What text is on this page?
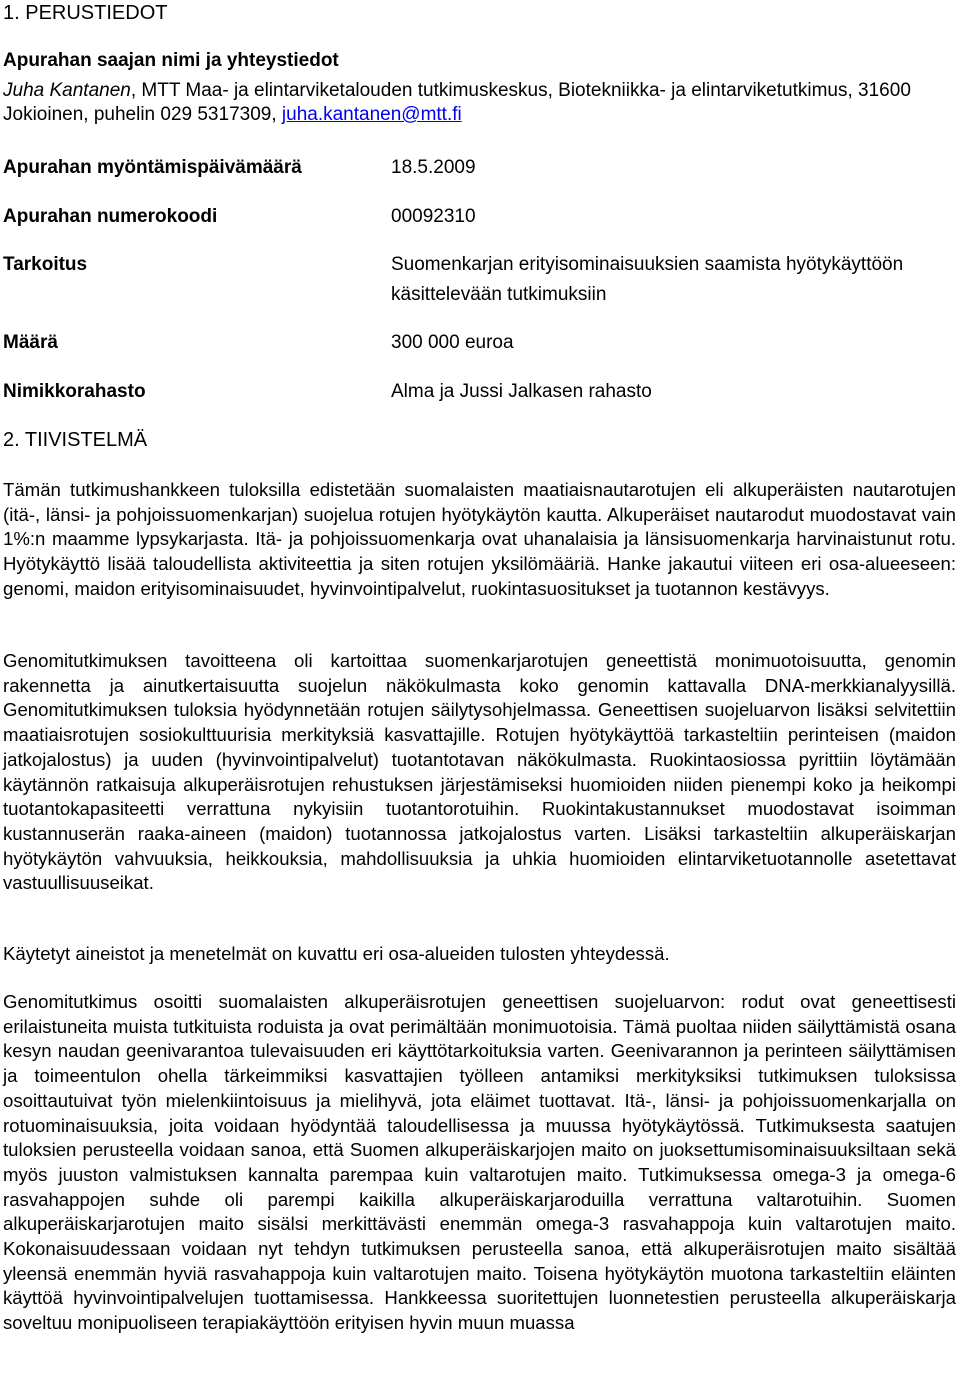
1. PERUSTIEDOT
Apurahan saajan nimi ja yhteystiedot
Juha Kantanen, MTT Maa- ja elintarviketalouden tutkimuskeskus, Biotekniikka- ja elintarviketutkimus, 31600 Jokioinen, puhelin 029 5317309, juha.kantanen@mtt.fi
Apurahan myöntämispäivämäärä	18.5.2009
Apurahan numerokoodi	00092310
Tarkoitus	Suomenkarjan erityisominaisuuksien saamista hyötykäyttöön käsittelevään tutkimuksiin
Määrä	300 000 euroa
Nimikkorahasto	Alma ja Jussi Jalkasen rahasto
2. TIIVISTELMÄ

Tämän tutkimushankkeen tuloksilla edistetään suomalaisten maatiaisnautarotujen eli alkuperäisten nautarotujen (itä-, länsi- ja pohjoissuomenkarjan) suojelua rotujen hyötykäytön kautta. Alkuperäiset nautarodut muodostavat vain 1%:n maamme lypsykarjasta. Itä- ja pohjoissuomenkarja ovat uhanalaisia ja länsisuomenkarja harvinaistunut rotu. Hyötykäyttö lisää taloudellista aktiviteettia ja siten rotujen yksilömääriä. Hanke jakautui viiteen eri osa-alueeseen: genomi, maidon erityisominaisuudet, hyvinvointipalvelut, ruokintasuositukset ja tuotannon kestävyys.

Genomitutkimuksen tavoitteena oli kartoittaa suomenkarjarotujen geneettistä monimuotoisuutta, genomin rakennetta ja ainutkertaisuutta suojelun näkökulmasta koko genomin kattavalla DNA-merkkianalyysillä. Genomitutkimuksen tuloksia hyödynnetään rotujen säilytysohjelmassa. Geneettisen suojeluarvon lisäksi selvitettiin maatiaisrotujen sosiokulttuurisia merkityksiä kasvattajille. Rotujen hyötykäyttöä tarkasteltiin perinteisen (maidon jatkojalostus) ja uuden (hyvinvointipalvelut) tuotantotavan näkökulmasta. Ruokintaosiossa pyrittiin löytämään käytännön ratkaisuja alkuperäisrotujen rehustuksen järjestämiseksi huomioiden niiden pienempi koko ja heikompi tuotantokapasiteetti verrattuna nykyisiin tuotantorotuihin. Ruokintakustannukset muodostavat isoimman kustannuserän raaka-aineen (maidon) tuotannossa jatkojalostus varten. Lisäksi tarkasteltiin alkuperäiskarjan hyötykäytön vahvuuksia, heikkouksia, mahdollisuuksia ja uhkia huomioiden elintarviketuotannolle asetettavat vastuullisuuseikat.

Käytetyt aineistot ja menetelmät on kuvattu eri osa-alueiden tulosten yhteydessä.

Genomitutkimus osoitti suomalaisten alkuperäisrotujen geneettisen suojeluarvon: rodut ovat geneettisesti erilaistuneita muista tutkituista roduista ja ovat perimältään monimuotoisia. Tämä puoltaa niiden säilyttämistä osana kesyn naudan geenivarantoa tulevaisuuden eri käyttötarkoituksia varten. Geenivarannon ja perinteen säilyttämisen ja toimeentulon ohella tärkeimmiksi kasvattajien työlleen antamiksi merkityksiksi tutkimuksen tuloksissa osoittautuivat työn mielenkiintoisuus ja mielihyvä, jota eläimet tuottavat. Itä-, länsi- ja pohjoissuomenkarjalla on rotuominaisuuksia, joita voidaan hyödyntää taloudellisessa ja muussa hyötykäytössä. Tutkimuksesta saatujen tuloksien perusteella voidaan sanoa, että Suomen alkuperäiskarjojen maito on juoksettumisominaisuuksiltaan sekä myös juuston valmistuksen kannalta parempaa kuin valtarotujen maito. Tutkimuksessa omega-3 ja omega-6 rasvahappojen suhde oli parempi kaikilla alkuperäiskarjaroduilla verrattuna valtarotuihin. Suomen alkuperäiskarjarotujen maito sisälsi merkittävästi enemmän omega-3 rasvahappoja kuin valtarotujen maito. Kokonaisuudessaan voidaan nyt tehdyn tutkimuksen perusteella sanoa, että alkuperäisrotujen maito sisältää yleensä enemmän hyviä rasvahappoja kuin valtarotujen maito. Toisena hyötykäytön muotona tarkasteltiin eläinten käyttöä hyvinvointipalvelujen tuottamisessa. Hankkeessa suoritettujen luonnetestien perusteella alkuperäiskarja soveltuu monipuoliseen terapiakäyttöön erityisen hyvin muun muassa
